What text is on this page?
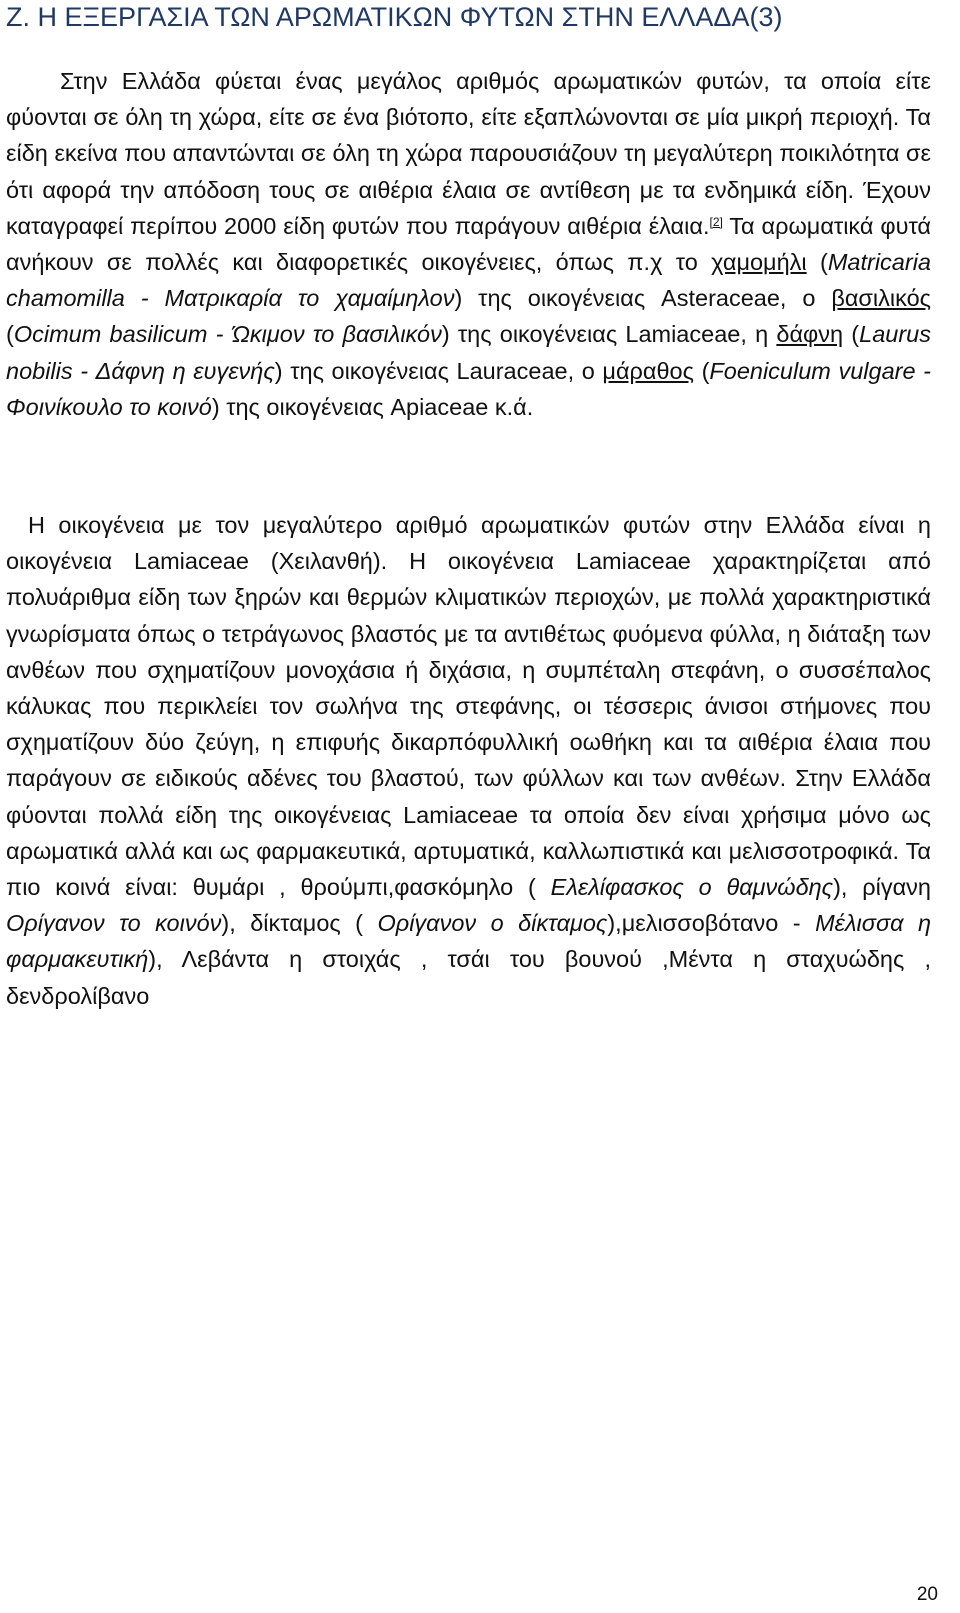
Ζ. Η ΕΞΕΡΓΑΣΙΑ ΤΩΝ ΑΡΩΜΑΤΙΚΩΝ ΦΥΤΩΝ ΣΤΗΝ ΕΛΛΑΔΑ(3)

Στην Ελλάδα φύεται ένας μεγάλος αριθμός αρωματικών φυτών, τα οποία είτε φύονται σε όλη τη χώρα, είτε σε ένα βιότοπο, είτε εξαπλώνονται σε μία μικρή περιοχή. Τα είδη εκείνα που απαντώνται σε όλη τη χώρα παρουσιάζουν τη μεγαλύτερη ποικιλότητα σε ότι αφορά την απόδοση τους σε αιθέρια έλαια σε αντίθεση με τα ενδημικά είδη. Έχουν καταγραφεί περίπου 2000 είδη φυτών που παράγουν αιθέρια έλαια.[2] Τα αρωματικά φυτά ανήκουν σε πολλές και διαφορετικές οικογένειες, όπως π.χ το χαμομήλι (Matricaria chamomilla - Ματρικαρία το χαμαίμηλον) της οικογένειας Asteraceae, ο βασιλικός (Ocimum basilicum - Ώκιμον το βασιλικόν) της οικογένειας Lamiaceae, η δάφνη (Laurus nobilis - Δάφνη η ευγενής) της οικογένειας Lauraceae, ο μάραθος (Foeniculum vulgare - Φοινίκουλο το κοινό) της οικογένειας Apiaceae κ.ά.

Η οικογένεια με τον μεγαλύτερο αριθμό αρωματικών φυτών στην Ελλάδα είναι η οικογένεια Lamiaceae (Χειλανθή). Η οικογένεια Lamiaceae χαρακτηρίζεται από πολυάριθμα είδη των ξηρών και θερμών κλιματικών περιοχών, με πολλά χαρακτηριστικά γνωρίσματα όπως ο τετράγωνος βλαστός με τα αντιθέτως φυόμενα φύλλα, η διάταξη των ανθέων που σχηματίζουν μονοχάσια ή διχάσια, η συμπέταλη στεφάνη, ο συσσέπαλος κάλυκας που περικλείει τον σωλήνα της στεφάνης, οι τέσσερις άνισοι στήμονες που σχηματίζουν δύο ζεύγη, η επιφυής δικαρπόφυλλική οωθήκη και τα αιθέρια έλαια που παράγουν σε ειδικούς αδένες του βλαστού, των φύλλων και των ανθέων. Στην Ελλάδα φύονται πολλά είδη της οικογένειας Lamiaceae τα οποία δεν είναι χρήσιμα μόνο ως αρωματικά αλλά και ως φαρμακευτικά, αρτυματικά, καλλωπιστικά και μελισσοτροφικά. Τα πιο κοινά είναι: θυμάρι , θρούμπι,φασκόμηλο ( Ελελίφασκος ο θαμνώδης), ρίγανη Ορίγανον το κοινόν), δίκταμος ( Ορίγανον ο δίκταμος),μελισσοβότανο - Μέλισσα η φαρμακευτική), Λεβάντα η στοιχάς , τσάι του βουνού ,Μέντα η σταχυώδης , δενδρολίβανο

20
